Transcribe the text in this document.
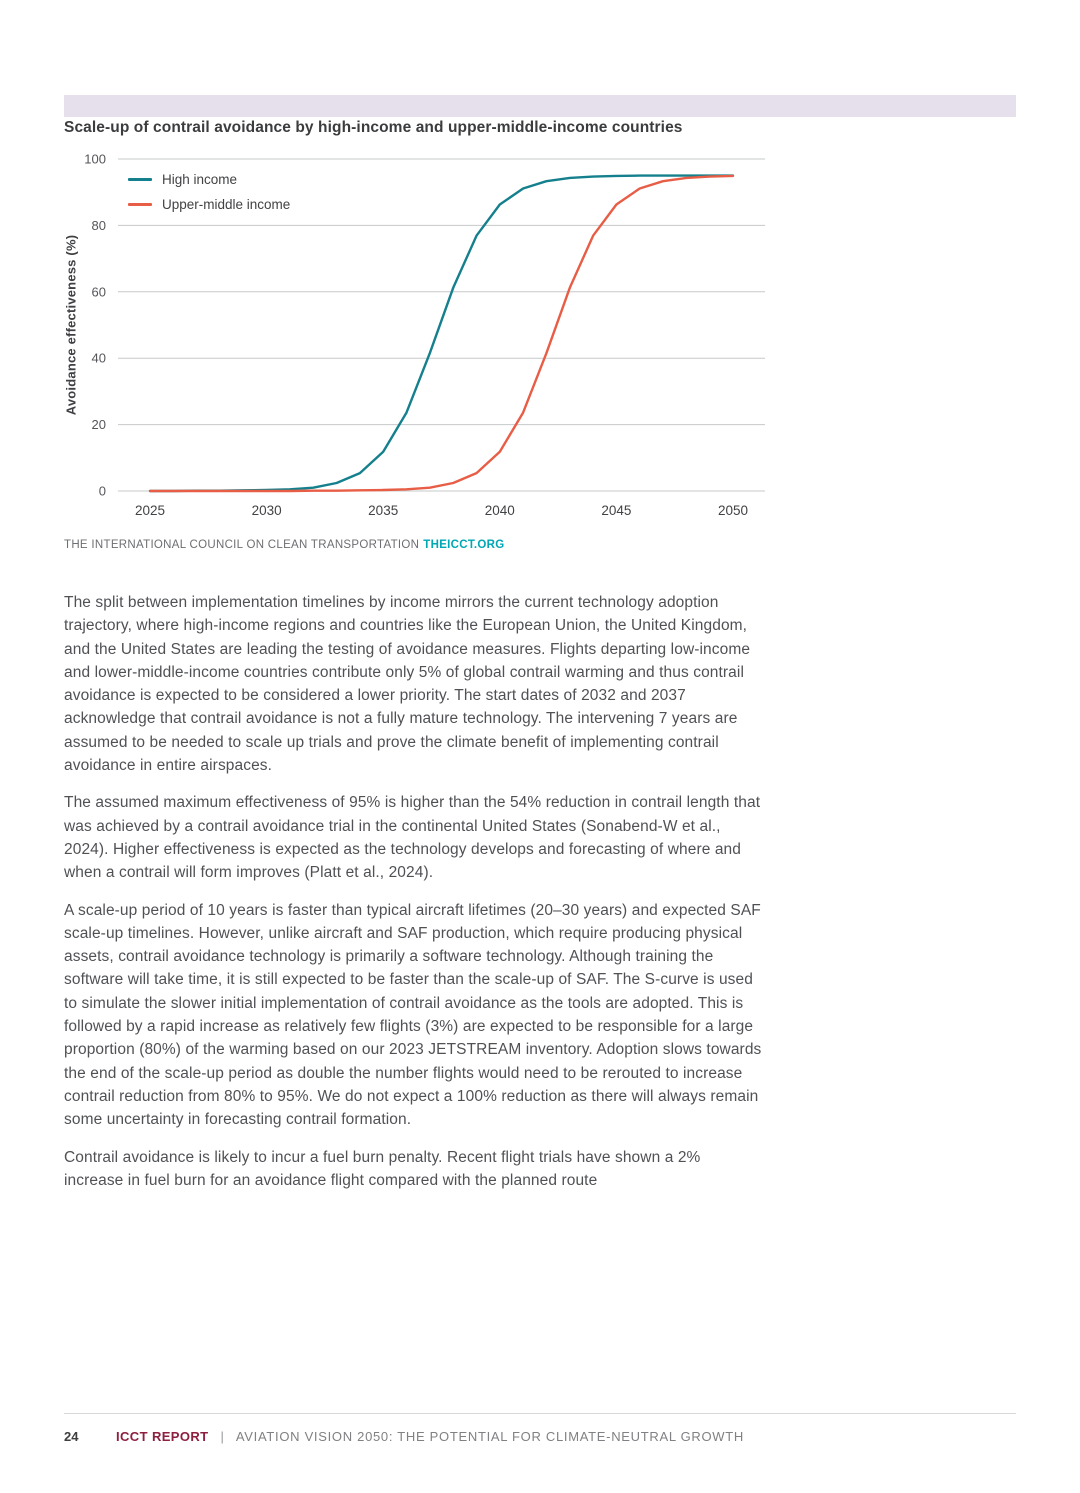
Scale-up of contrail avoidance by high-income and upper-middle-income countries
Avoidance effectiveness (%)
High income
Upper-middle income
0
20
40
60
80
100
2025	2030	2035	2040	2045	2050
THE INTERNATIONAL COUNCIL ON CLEAN TRANSPORTATION THEICCT.ORG

The split between implementation timelines by income mirrors the current technology adoption trajectory, where high-income regions and countries like the European Union, the United Kingdom, and the United States are leading the testing of avoidance measures. Flights departing low-income and lower-middle-income countries contribute only 5% of global contrail warming and thus contrail avoidance is expected to be considered a lower priority. The start dates of 2032 and 2037 acknowledge that contrail avoidance is not a fully mature technology. The intervening 7 years are assumed to be needed to scale up trials and prove the climate benefit of implementing contrail avoidance in entire airspaces.

The assumed maximum effectiveness of 95% is higher than the 54% reduction in contrail length that was achieved by a contrail avoidance trial in the continental United States (Sonabend-W et al., 2024). Higher effectiveness is expected as the technology develops and forecasting of where and when a contrail will form improves (Platt et al., 2024).

A scale-up period of 10 years is faster than typical aircraft lifetimes (20–30 years) and expected SAF scale-up timelines. However, unlike aircraft and SAF production, which require producing physical assets, contrail avoidance technology is primarily a software technology. Although training the software will take time, it is still expected to be faster than the scale-up of SAF. The S-curve is used to simulate the slower initial implementation of contrail avoidance as the tools are adopted. This is followed by a rapid increase as relatively few flights (3%) are expected to be responsible for a large proportion (80%) of the warming based on our 2023 JETSTREAM inventory. Adoption slows towards the end of the scale-up period as double the number flights would need to be rerouted to increase contrail reduction from 80% to 95%. We do not expect a 100% reduction as there will always remain some uncertainty in forecasting contrail formation.

Contrail avoidance is likely to incur a fuel burn penalty. Recent flight trials have shown a 2% increase in fuel burn for an avoidance flight compared with the planned route

24	ICCT REPORT | AVIATION VISION 2050: THE POTENTIAL FOR CLIMATE-NEUTRAL GROWTH
